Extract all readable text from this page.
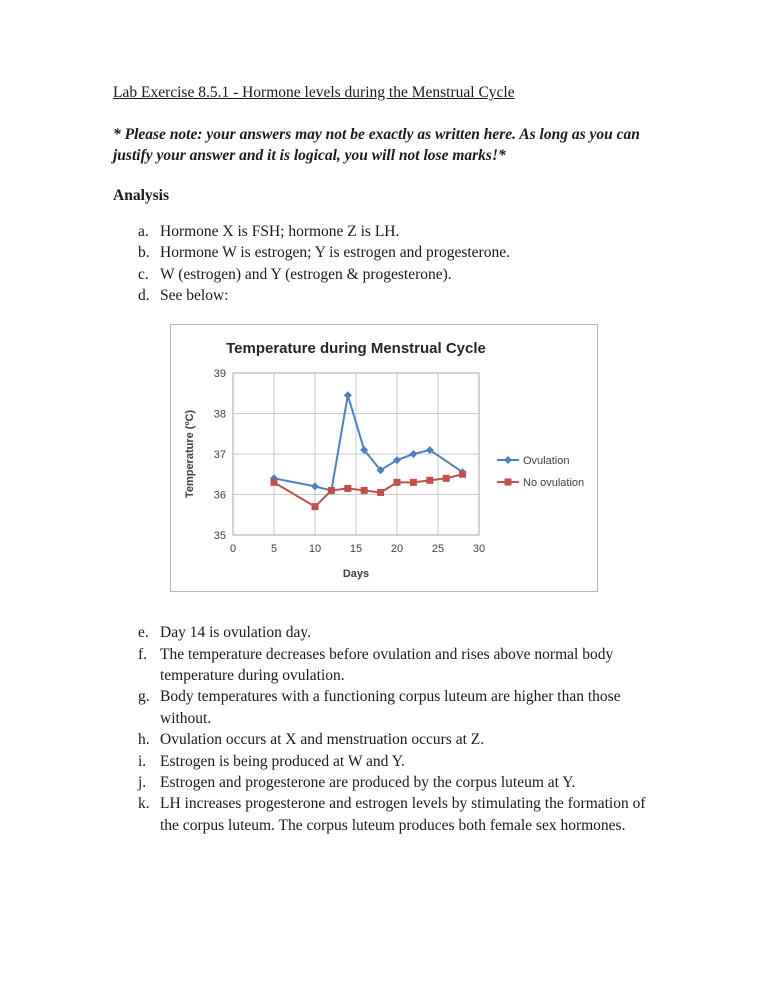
Lab Exercise 8.5.1 - Hormone levels during the Menstrual Cycle

* Please note: your answers may not be exactly as written here. As long as you can justify your answer and it is logical, you will not lose marks!*

Analysis
a. Hormone X is FSH; hormone Z is LH.
b. Hormone W is estrogen; Y is estrogen and progesterone.
c. W (estrogen) and Y (estrogen & progesterone).
d. See below:
35
36
37
38
39
0	5	10	15	20	25	30
Temperature during Menstrual Cycle
Temperature (ºC)
Days
Ovulation
No ovulation
e. Day 14 is ovulation day.
f. The temperature decreases before ovulation and rises above normal body temperature during ovulation.
g. Body temperatures with a functioning corpus luteum are higher than those without.
h. Ovulation occurs at X and menstruation occurs at Z.
i. Estrogen is being produced at W and Y.
j. Estrogen and progesterone are produced by the corpus luteum at Y.
k. LH increases progesterone and estrogen levels by stimulating the formation of the corpus luteum. The corpus luteum produces both female sex hormones.
